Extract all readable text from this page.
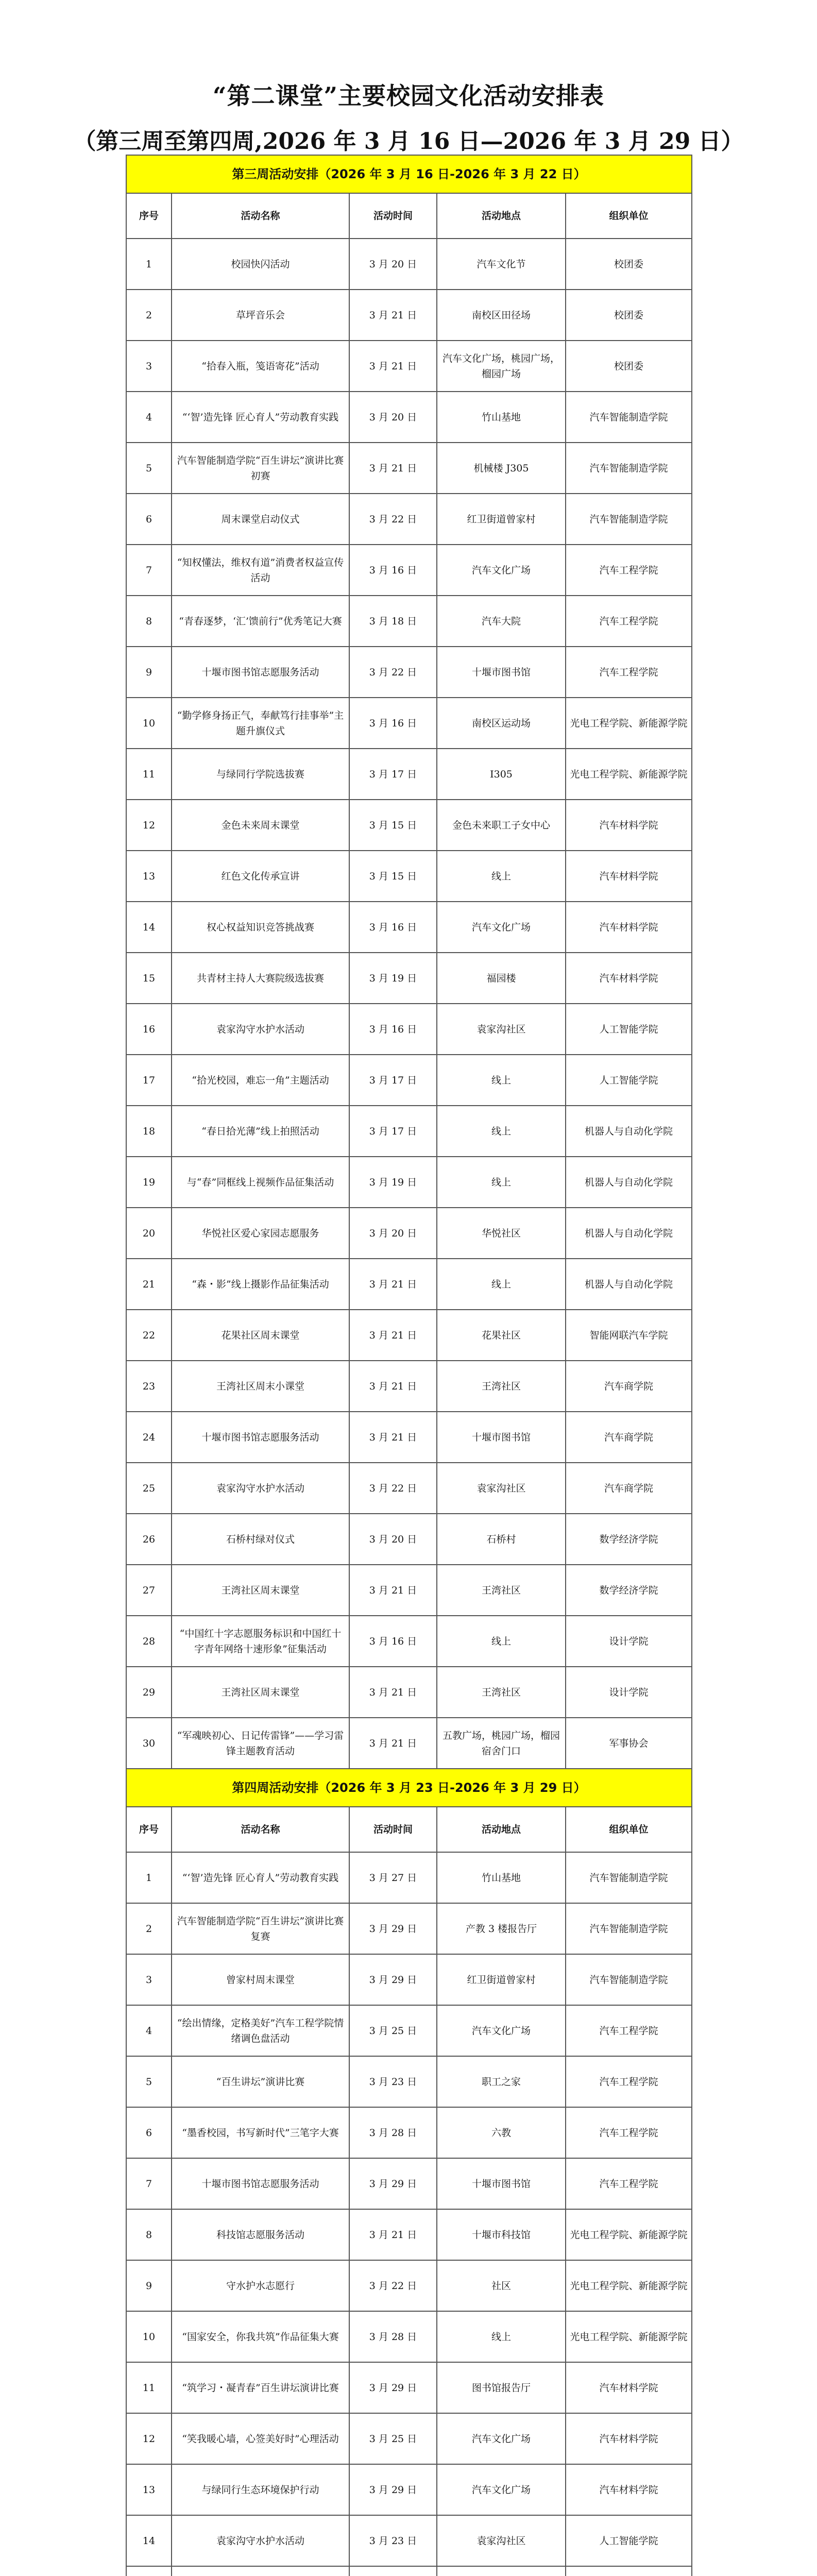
“第二课堂”主要校园文化活动安排表
（第三周至第四周,2026 年 3 月 16 日—2026 年 3 月 29 日）
第三周活动安排（2026 年 3 月 16 日-2026 年 3 月 22 日）				
序号	活动名称	活动时间	活动地点	组织单位
1	校园快闪活动	3 月 20 日	汽车文化节	校团委
2	草坪音乐会	3 月 21 日	南校区田径场	校团委
3	“拾春入瓶，笺语寄花”活动	3 月 21 日	汽车文化广场，桃园广场，榴园广场	校团委
4	“‘智’造先锋 匠心育人”劳动教育实践	3 月 20 日	竹山基地	汽车智能制造学院
5	汽车智能制造学院“百生讲坛”演讲比赛初赛	3 月 21 日	机械楼 J305	汽车智能制造学院
6	周末课堂启动仪式	3 月 22 日	红卫街道曾家村	汽车智能制造学院
7	“知权懂法，维权有道”消费者权益宣传活动	3 月 16 日	汽车文化广场	汽车工程学院
8	“青春逐梦，‘汇’馈前行”优秀笔记大赛	3 月 18 日	汽车大院	汽车工程学院
9	十堰市图书馆志愿服务活动	3 月 22 日	十堰市图书馆	汽车工程学院
10	“勤学修身扬正气，奉献笃行挂事举”主题升旗仪式	3 月 16 日	南校区运动场	光电工程学院、新能源学院
11	与绿同行学院选拔赛	3 月 17 日	I305	光电工程学院、新能源学院
12	金色未来周末课堂	3 月 15 日	金色未来职工子女中心	汽车材料学院
13	红色文化传承宣讲	3 月 15 日	线上	汽车材料学院
14	权心权益知识竞答挑战赛	3 月 16 日	汽车文化广场	汽车材料学院
15	共青材主持人大赛院级选拔赛	3 月 19 日	福园楼	汽车材料学院
16	袁家沟守水护水活动	3 月 16 日	袁家沟社区	人工智能学院
17	“拾光校园，难忘一角”主题活动	3 月 17 日	线上	人工智能学院
18	“春日拾光薄”线上拍照活动	3 月 17 日	线上	机器人与自动化学院
19	与“春”同框线上视频作品征集活动	3 月 19 日	线上	机器人与自动化学院
20	华悦社区爱心家园志愿服务	3 月 20 日	华悦社区	机器人与自动化学院
21	“森・影”线上摄影作品征集活动	3 月 21 日	线上	机器人与自动化学院
22	花果社区周末课堂	3 月 21 日	花果社区	智能网联汽车学院
23	王湾社区周末小课堂	3 月 21 日	王湾社区	汽车商学院
24	十堰市图书馆志愿服务活动	3 月 21 日	十堰市图书馆	汽车商学院
25	袁家沟守水护水活动	3 月 22 日	袁家沟社区	汽车商学院
26	石桥村绿对仪式	3 月 20 日	石桥村	数学经济学院
27	王湾社区周末课堂	3 月 21 日	王湾社区	数学经济学院
28	“中国红十字志愿服务标识和中国红十字青年网络十速形象”征集活动	3 月 16 日	线上	设计学院
29	王湾社区周末课堂	3 月 21 日	王湾社区	设计学院
30	“军魂映初心、日记传雷锋”——学习雷锋主题教育活动	3 月 21 日	五教广场，桃园广场，榴园宿舍门口	军事协会
第四周活动安排（2026 年 3 月 23 日-2026 年 3 月 29 日）				
序号	活动名称	活动时间	活动地点	组织单位
1	“‘智’造先锋 匠心育人”劳动教育实践	3 月 27 日	竹山基地	汽车智能制造学院
2	汽车智能制造学院“百生讲坛”演讲比赛复赛	3 月 29 日	产教 3 楼报告厅	汽车智能制造学院
3	曾家村周末课堂	3 月 29 日	红卫街道曾家村	汽车智能制造学院
4	“绘出情缘，定格美好”汽车工程学院情绪调色盘活动	3 月 25 日	汽车文化广场	汽车工程学院
5	“百生讲坛”演讲比赛	3 月 23 日	职工之家	汽车工程学院
6	“墨香校园，书写新时代”三笔字大赛	3 月 28 日	六教	汽车工程学院
7	十堰市图书馆志愿服务活动	3 月 29 日	十堰市图书馆	汽车工程学院
8	科技馆志愿服务活动	3 月 21 日	十堰市科技馆	光电工程学院、新能源学院
9	守水护水志愿行	3 月 22 日	社区	光电工程学院、新能源学院
10	“国家安全，你我共筑”作品征集大赛	3 月 28 日	线上	光电工程学院、新能源学院
11	“筑学习・凝青春”百生讲坛演讲比赛	3 月 29 日	图书馆报告厅	汽车材料学院
12	“笑我暖心墙，心签美好时”心理活动	3 月 25 日	汽车文化广场	汽车材料学院
13	与绿同行生态环境保护行动	3 月 29 日	汽车文化广场	汽车材料学院
14	袁家沟守水护水活动	3 月 23 日	袁家沟社区	人工智能学院
